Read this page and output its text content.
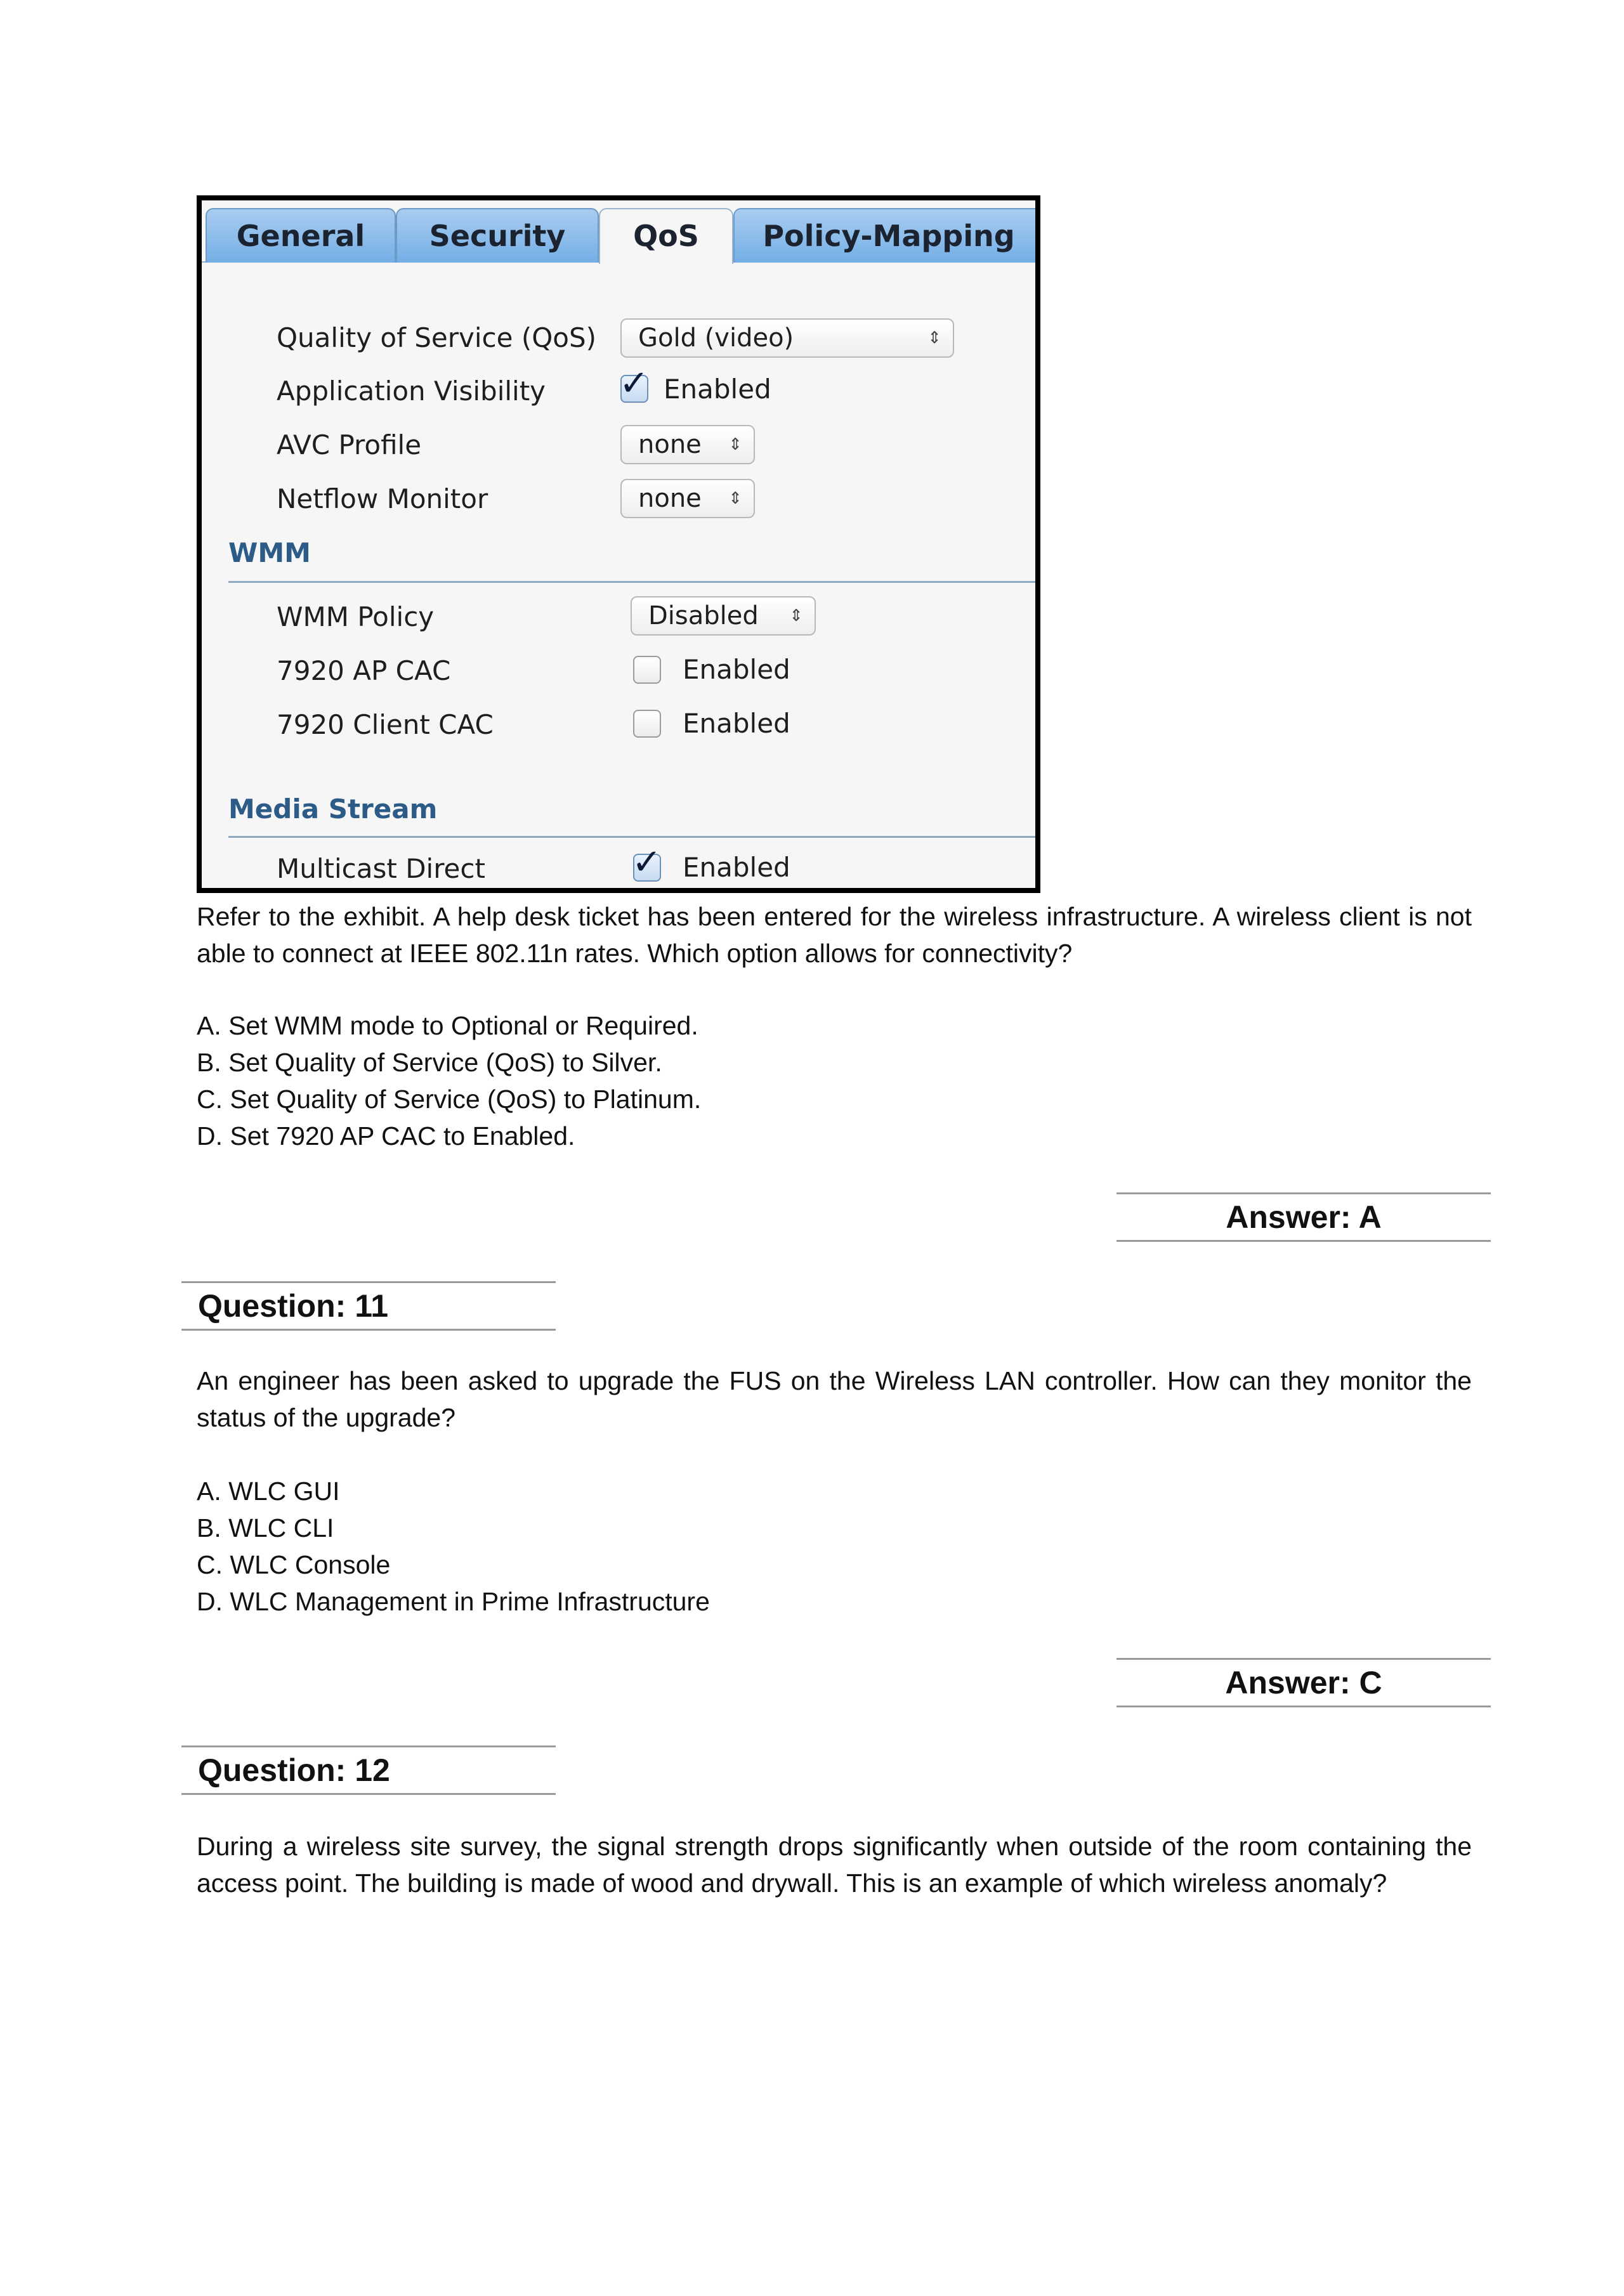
General	Security	QoS	Policy-Mapping
Quality of Service (QoS)	Gold (video)	⇕
Application Visibility ✓ Enabled
AVC Profile	none ⇕
Netflow Monitor	none ⇕
WMM
WMM Policy	Disabled ⇕
7920 AP CAC	Enabled
7920 Client CAC	Enabled
Media Stream
Multicast Direct	✓ Enabled
Refer to the exhibit. A help desk ticket has been entered for the wireless infrastructure. A wireless client is not able to connect at IEEE 802.11n rates. Which option allows for connectivity?
A. Set WMM mode to Optional or Required.
B. Set Quality of Service (QoS) to Silver.
C. Set Quality of Service (QoS) to Platinum.
D. Set 7920 AP CAC to Enabled.
Answer: A
Question: 11
An engineer has been asked to upgrade the FUS on the Wireless LAN controller. How can they monitor the status of the upgrade?
A. WLC GUI
B. WLC CLI
C. WLC Console
D. WLC Management in Prime Infrastructure
Answer: C
Question: 12
During a wireless site survey, the signal strength drops significantly when outside of the room containing the access point. The building is made of wood and drywall. This is an example of which wireless anomaly?
